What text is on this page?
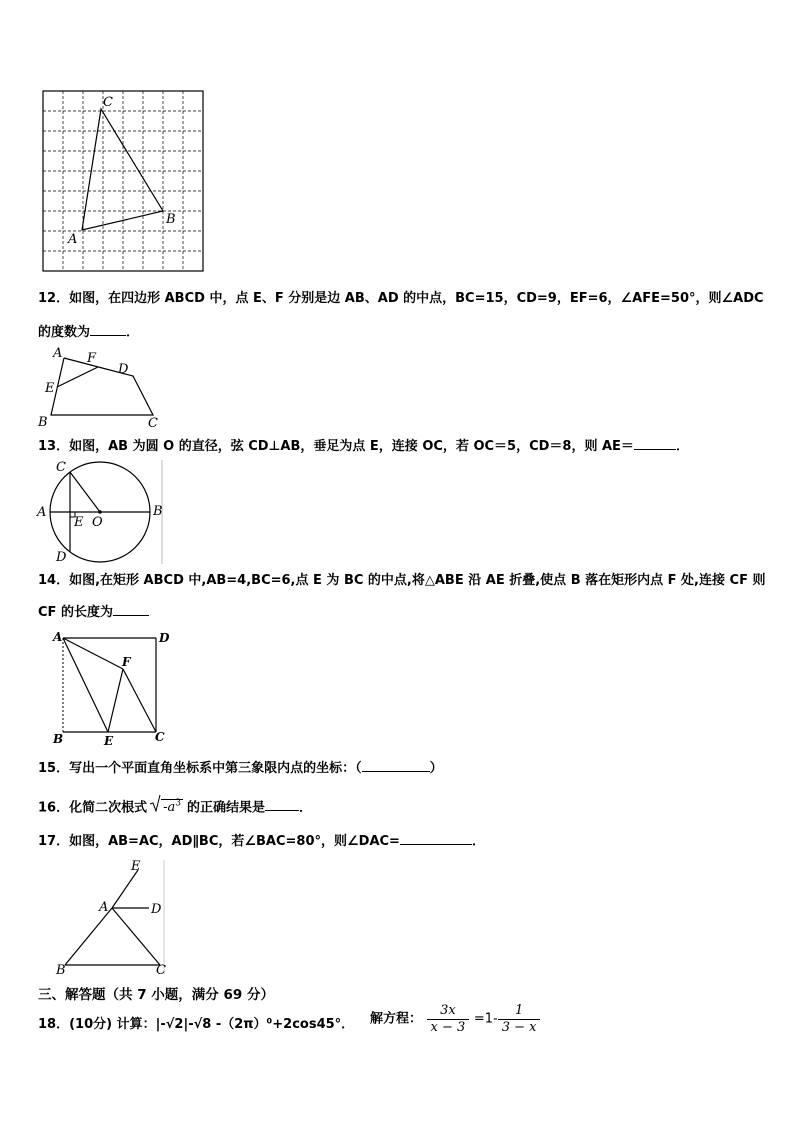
C
B
A
12．如图，在四边形 ABCD 中，点 E、F 分别是边 AB、AD 的中点，BC=15，CD=9，EF=6，∠AFE=50°，则∠ADC
的度数为	．
A F
D
E
B	C
13．如图，AB 为圆 O 的直径，弦 CD⊥AB，垂足为点 E，连接 OC，若 OC＝5，CD＝8，则 AE＝	．
C
A
E O
B
D
14．如图,在矩形 ABCD 中,AB=4,BC=6,点 E 为 BC 的中点,将△ABE 沿 AE 折叠,使点 B 落在矩形内点 F 处,连接 CF 则
CF 的长度为
A	D
F
B	E	C
15．写出一个平面直角坐标系中第三象限内点的坐标：（	）
16．化简二次根式 $-a^3$ 的正确结果是	．
17．如图，AB=AC，AD∥BC，若∠BAC=80°，则∠DAC=	．
E
A	D
B	C
三、解答题（共 7 小题，满分 69 分）
18．(10分) 计算：|-√2|-√8 -（2π）⁰+2cos45°． 解方程： $\frac{3x}{x - 3} =1- \frac{1}{3 - x}$
